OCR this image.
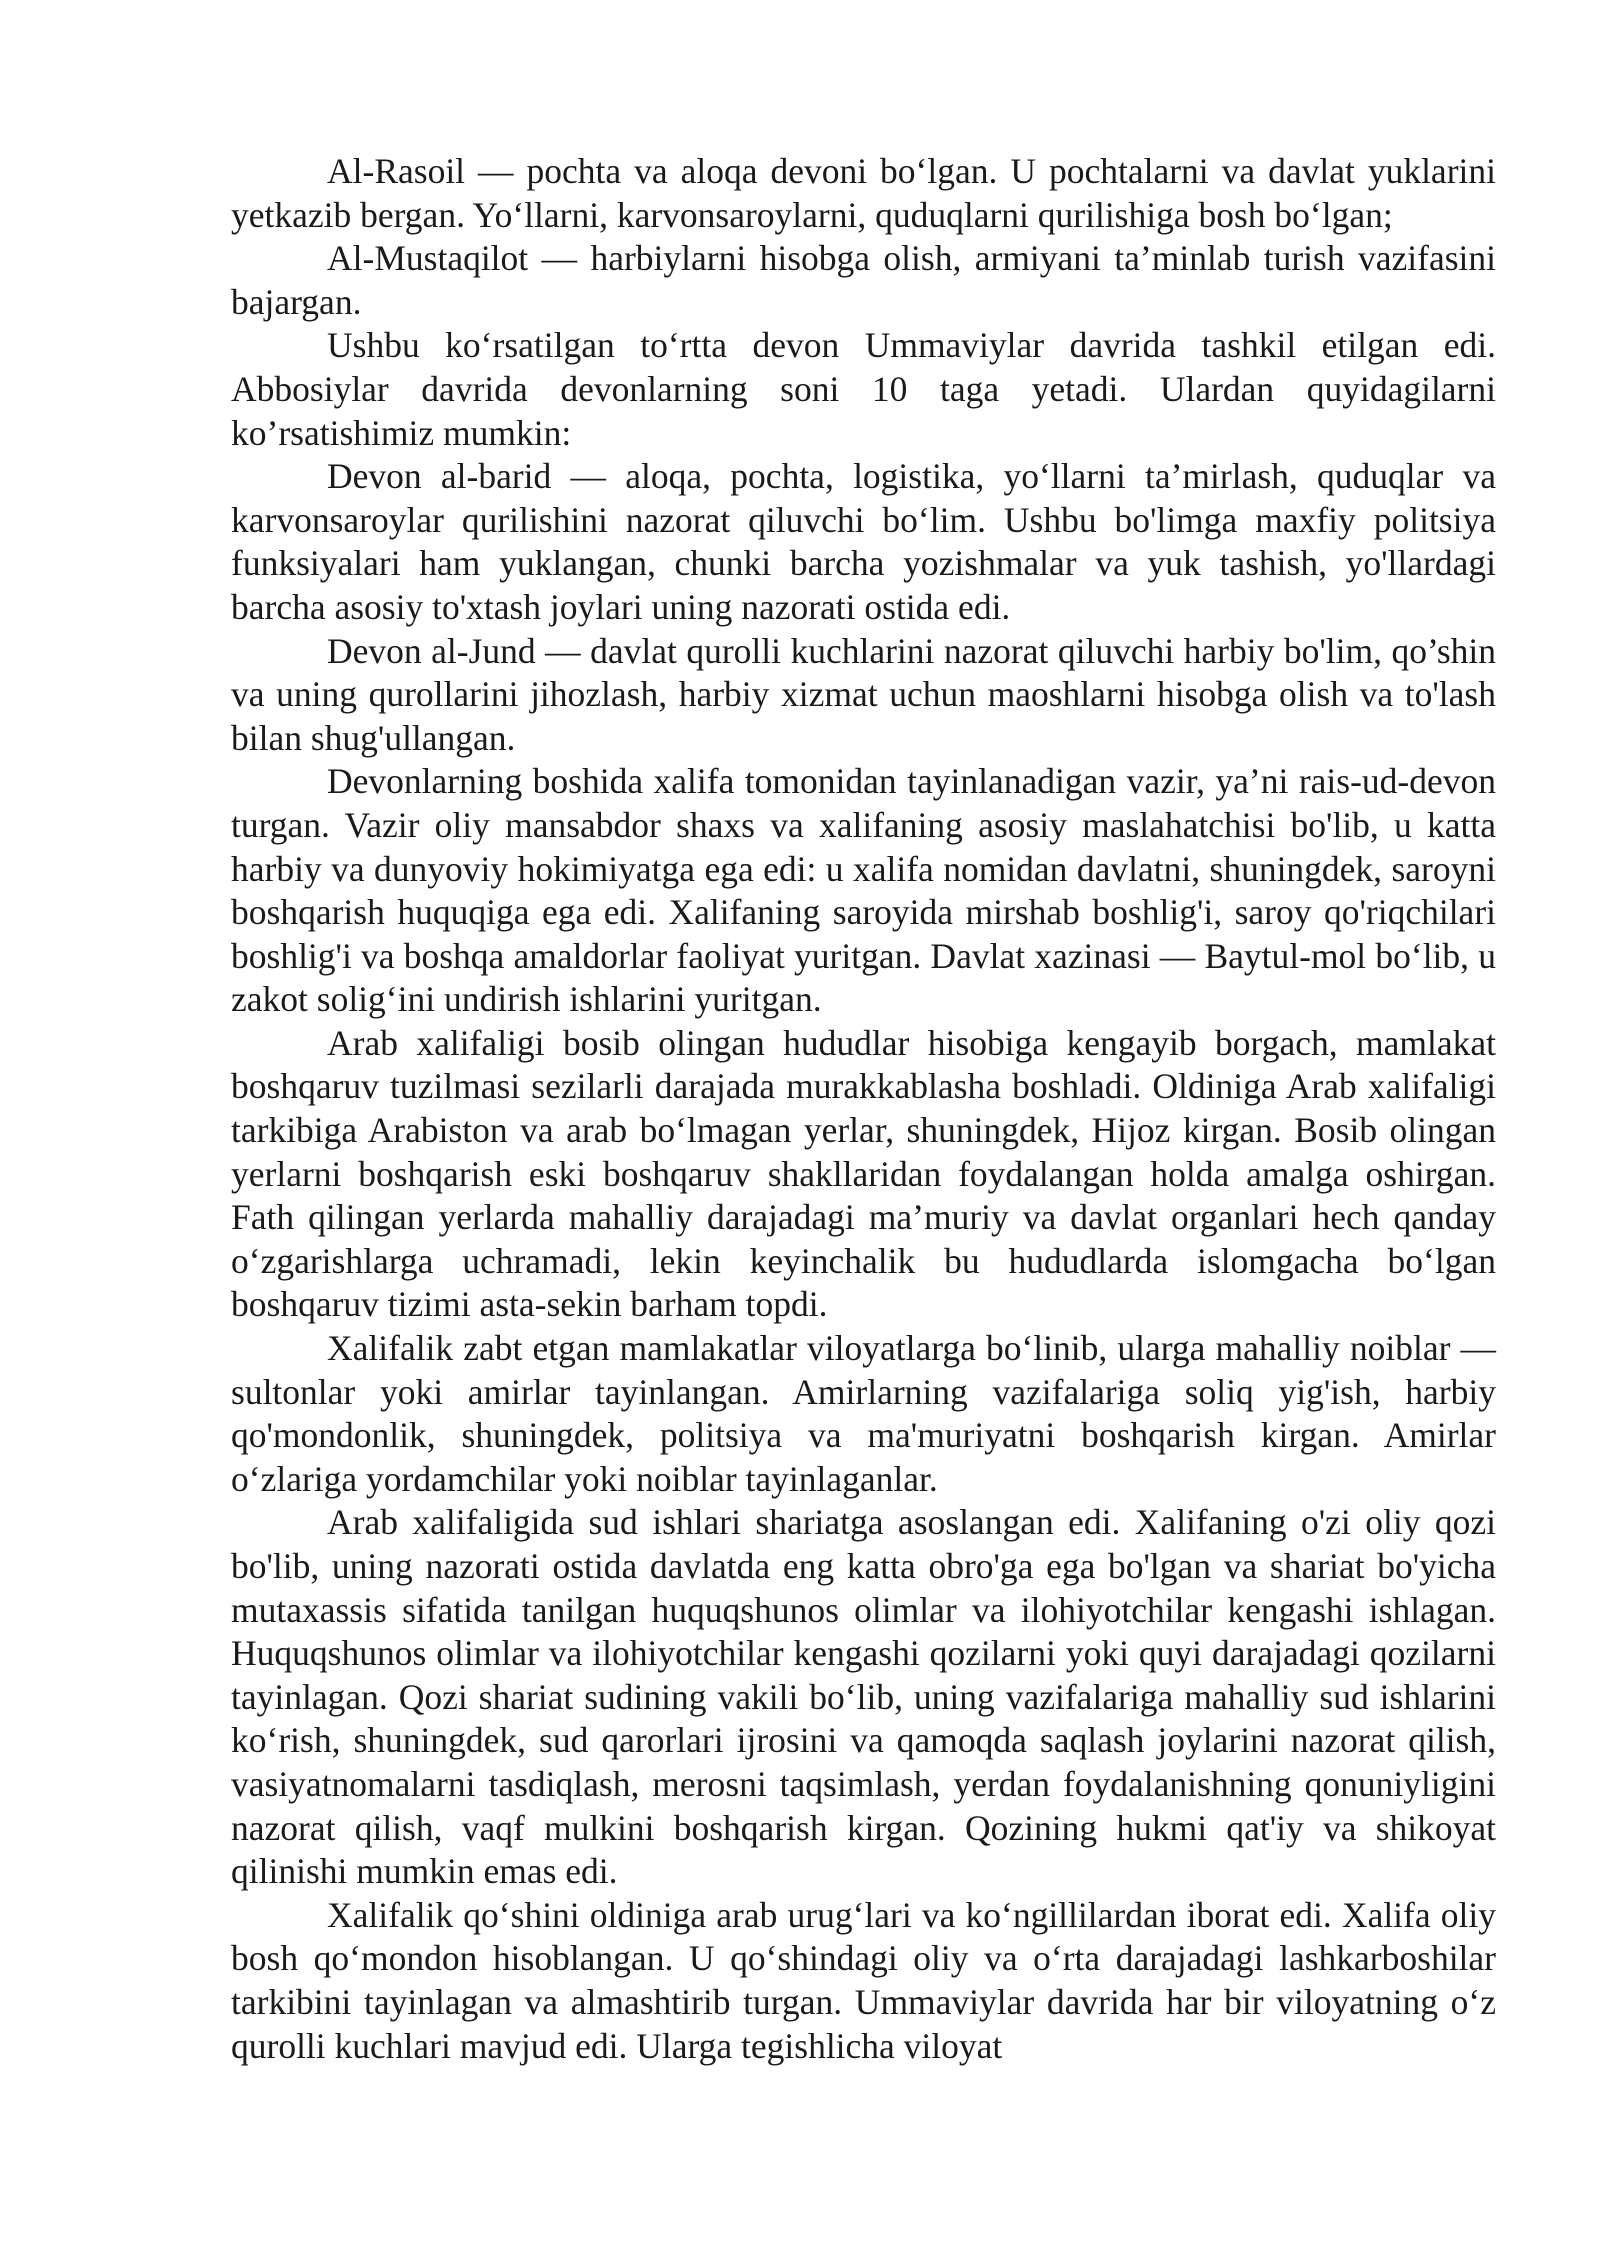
Al-Rasoil — pochta va aloqa devoni bo‘lgan. U pochtalarni va davlat yuklarini yetkazib bergan. Yo‘llarni, karvonsaroylarni, quduqlarni qurilishiga bosh bo‘lgan;

Al-Mustaqilot — harbiylarni hisobga olish, armiyani ta’minlab turish vazifasini bajargan.

Ushbu ko‘rsatilgan to‘rtta devon Ummaviylar davrida tashkil etilgan edi. Abbosiylar davrida devonlarning soni 10 taga yetadi. Ulardan quyidagilarni ko’rsatishimiz mumkin:

Devon al-barid — aloqa, pochta, logistika, yo‘llarni ta’mirlash, quduqlar va karvonsaroylar qurilishini nazorat qiluvchi bo‘lim. Ushbu bo'limga maxfiy politsiya funksiyalari ham yuklangan, chunki barcha yozishmalar va yuk tashish, yo'llardagi barcha asosiy to'xtash joylari uning nazorati ostida edi.

Devon al-Jund — davlat qurolli kuchlarini nazorat qiluvchi harbiy bo'lim, qo’shin va uning qurollarini jihozlash, harbiy xizmat uchun maoshlarni hisobga olish va to'lash bilan shug'ullangan.

Devonlarning boshida xalifa tomonidan tayinlanadigan vazir, ya’ni rais-ud-devon turgan. Vazir oliy mansabdor shaxs va xalifaning asosiy maslahatchisi bo'lib, u katta harbiy va dunyoviy hokimiyatga ega edi: u xalifa nomidan davlatni, shuningdek, saroyni boshqarish huquqiga ega edi. Xalifaning saroyida mirshab boshlig'i, saroy qo'riqchilari boshlig'i va boshqa amaldorlar faoliyat yuritgan. Davlat xazinasi — Baytul-mol bo‘lib, u zakot solig‘ini undirish ishlarini yuritgan.

Arab xalifaligi bosib olingan hududlar hisobiga kengayib borgach, mamlakat boshqaruv tuzilmasi sezilarli darajada murakkablasha boshladi. Oldiniga Arab xalifaligi tarkibiga Arabiston va arab bo‘lmagan yerlar, shuningdek, Hijoz kirgan. Bosib olingan yerlarni boshqarish eski boshqaruv shakllaridan foydalangan holda amalga oshirgan. Fath qilingan yerlarda mahalliy darajadagi ma’muriy va davlat organlari hech qanday o‘zgarishlarga uchramadi, lekin keyinchalik bu hududlarda islomgacha bo‘lgan boshqaruv tizimi asta-sekin barham topdi.

Xalifalik zabt etgan mamlakatlar viloyatlarga bo‘linib, ularga mahalliy noiblar — sultonlar yoki amirlar tayinlangan. Amirlarning vazifalariga soliq yig'ish, harbiy qo'mondonlik, shuningdek, politsiya va ma'muriyatni boshqarish kirgan. Amirlar o‘zlariga yordamchilar yoki noiblar tayinlaganlar.

Arab xalifaligida sud ishlari shariatga asoslangan edi. Xalifaning o'zi oliy qozi bo'lib, uning nazorati ostida davlatda eng katta obro'ga ega bo'lgan va shariat bo'yicha mutaxassis sifatida tanilgan huquqshunos olimlar va ilohiyotchilar kengashi ishlagan. Huquqshunos olimlar va ilohiyotchilar kengashi qozilarni yoki quyi darajadagi qozilarni tayinlagan. Qozi shariat sudining vakili bo‘lib, uning vazifalariga mahalliy sud ishlarini ko‘rish, shuningdek, sud qarorlari ijrosini va qamoqda saqlash joylarini nazorat qilish, vasiyatnomalarni tasdiqlash, merosni taqsimlash, yerdan foydalanishning qonuniyligini nazorat qilish, vaqf mulkini boshqarish kirgan. Qozining hukmi qat'iy va shikoyat qilinishi mumkin emas edi.

Xalifalik qo‘shini oldiniga arab urug‘lari va ko‘ngillilardan iborat edi. Xalifa oliy bosh qo‘mondon hisoblangan. U qo‘shindagi oliy va o‘rta darajadagi lashkarboshilar tarkibini tayinlagan va almashtirib turgan. Ummaviylar davrida har bir viloyatning o‘z qurolli kuchlari mavjud edi. Ularga tegishlicha viloyat
